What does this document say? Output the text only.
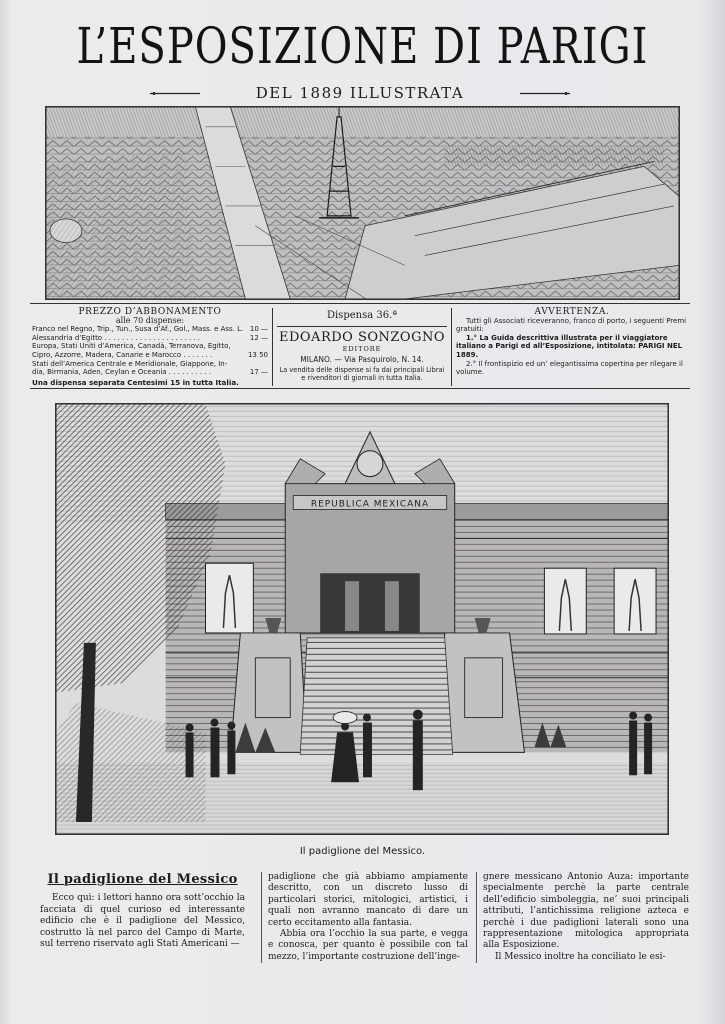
L’ESPOSIZIONE DI PARIGI
DEL 1889 ILLUSTRATA
PREZZO D’ABBONAMENTO
alle 70 dispense:
Franco nel Regno, Trip., Tun., Susa d’Af., Gol., Mass. e Ass. L. 10 —
Alessandria d’Egitto . . . . . . . . . . . . . . . . . . . . . .	12 —
Europa, Stati Uniti d’America, Canadà, Terranova, Egitto,
Cipro, Azzorre, Madera, Canarie e Marocco . . . . . . .	13 50
Stati dell’America Centrale e Meridionale, Giappone, In-
dia, Birmania, Aden, Ceylan e Oceania . . . . . . . . . .	17 —
Una dispensa separata Centesimi 15 in tutta Italia.
Dispensa 36.ª
EDOARDO SONZOGNO
EDITORE
MILANO. — Via Pasquirolo, N. 14.
La vendita delle dispense si fa dai principali Librai e rivenditori di giornali in tutta Italia.
AVVERTENZA.
Tutti gli Associati riceveranno, franco di porto, i seguenti Premi gratuiti:
1.° La Guida descrittiva illustrata per il viaggiatore italiano a Parigi ed all’Esposizione, intitolata: PARIGI NEL 1889.
2.° Il frontispizio ed un’ elegantissima copertina per rilegare il volume.
REPUBLICA MEXICANA
Il padiglione del Messico.
Il padiglione del Messico

Ecco qui: i lettori hanno ora sott’occhio la facciata di quel curioso ed interessante edificio che è il padiglione del Messico, costrutto là nel parco del Campo di Marte, sul terreno riservato agli Stati Americani —

padiglione che già abbiamo ampiamente descritto, con un discreto lusso di particolari storici, mitologici, artistici, i quali non avranno mancato di dare un certo eccitamento alla fantasia.

Abbia ora l’occhio la sua parte, e vegga e conosca, per quanto è possibile con tal mezzo, l’importante costruzione dell’inge-

gnere messicano Antonio Auza: importante specialmente perchè la parte centrale dell’edificio simboleggia, ne’ suoi principali attributi, l’antichissima religione azteca e perchè i due padiglioni laterali sono una rappresentazione mitologica appropriata alla Esposizione.

Il Messico inoltre ha conciliato le esi-
